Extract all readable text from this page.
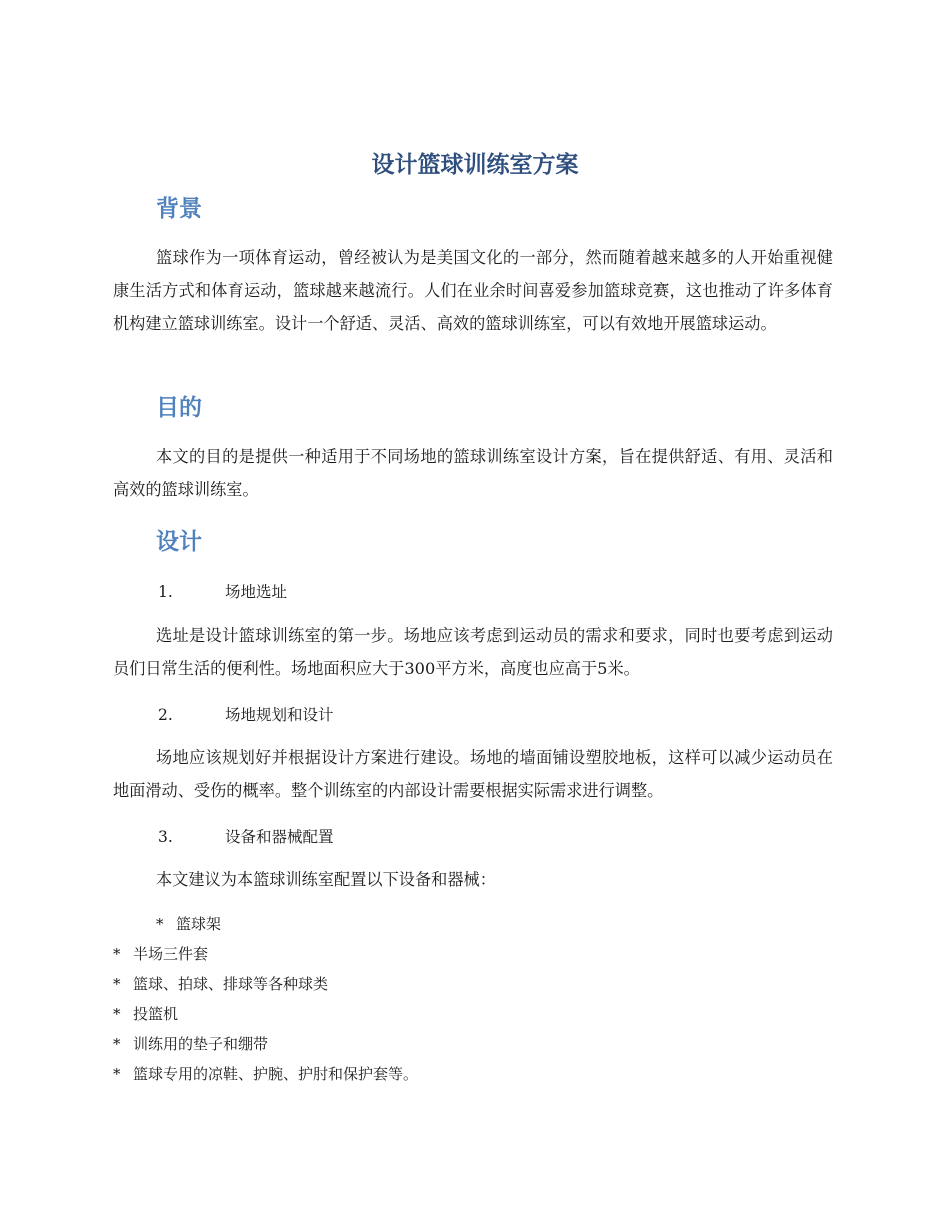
设计篮球训练室方案
背景

篮球作为一项体育运动，曾经被认为是美国文化的一部分，然而随着越来越多的人开始重视健康生活方式和体育运动，篮球越来越流行。人们在业余时间喜爱参加篮球竞赛，这也推动了许多体育机构建立篮球训练室。设计一个舒适、灵活、高效的篮球训练室，可以有效地开展篮球运动。

目的

本文的目的是提供一种适用于不同场地的篮球训练室设计方案，旨在提供舒适、有用、灵活和高效的篮球训练室。

设计

1.	场地选址

选址是设计篮球训练室的第一步。场地应该考虑到运动员的需求和要求，同时也要考虑到运动员们日常生活的便利性。场地面积应大于300平方米，高度也应高于5米。

2.	场地规划和设计

场地应该规划好并根据设计方案进行建设。场地的墙面铺设塑胶地板，这样可以减少运动员在地面滑动、受伤的概率。整个训练室的内部设计需要根据实际需求进行调整。

3.	设备和器械配置

本文建议为本篮球训练室配置以下设备和器械：

* 篮球架
* 半场三件套
* 篮球、拍球、排球等各种球类
* 投篮机
* 训练用的垫子和绷带
* 篮球专用的凉鞋、护腕、护肘和保护套等。
